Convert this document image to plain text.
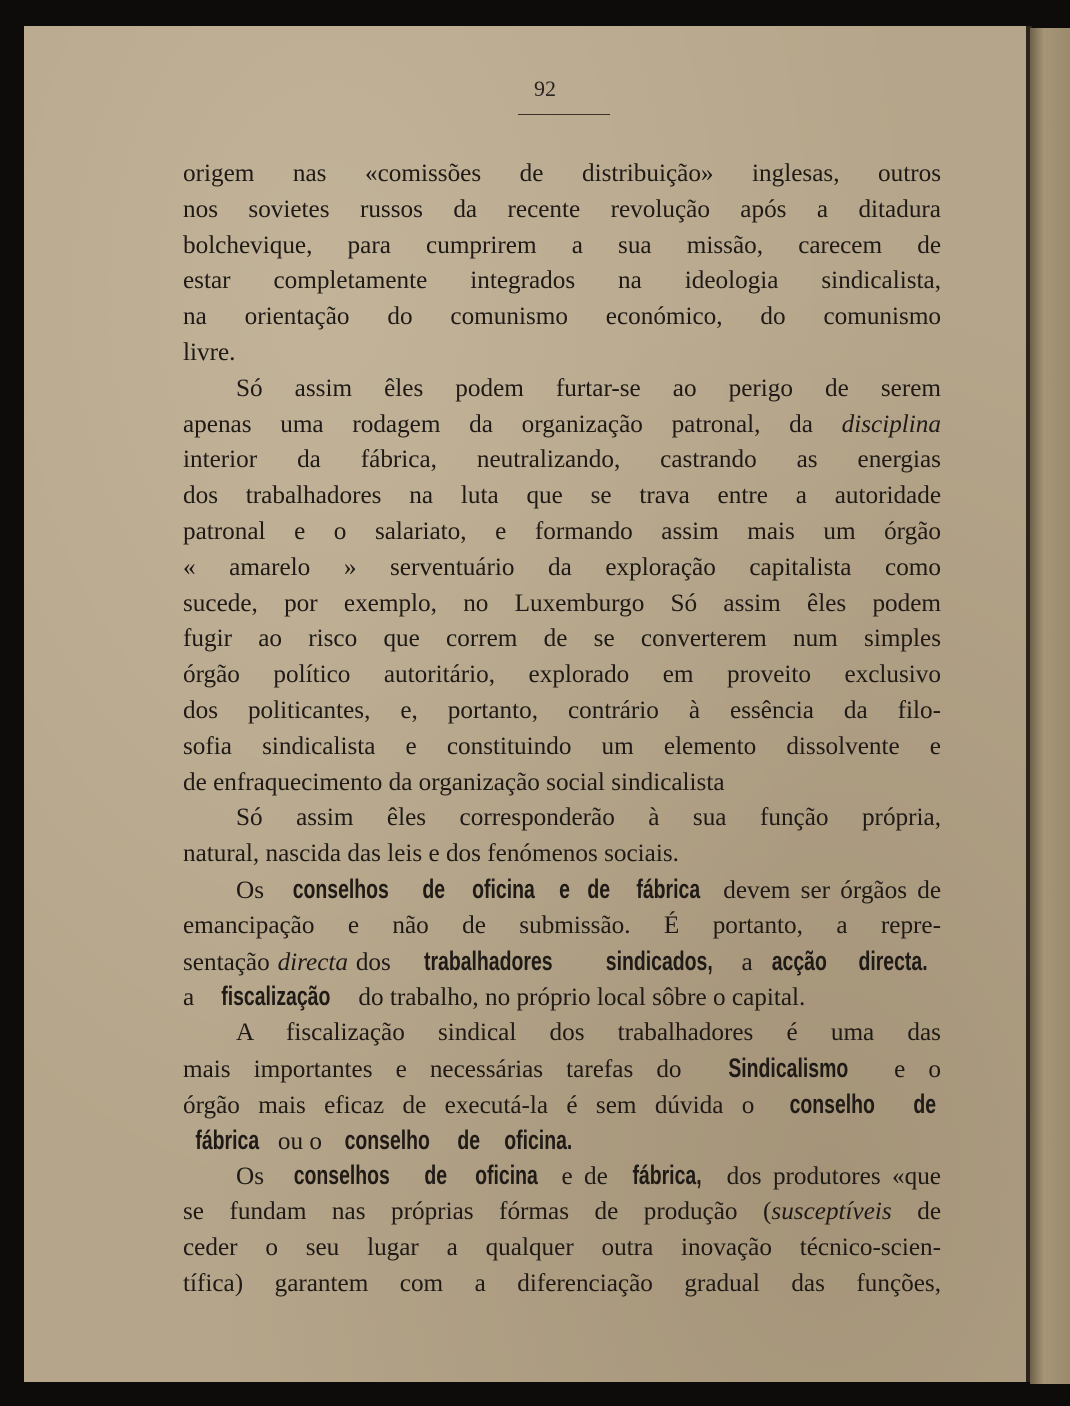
92
origem nas «comissões de distribuição» inglesas, outros
nos sovietes russos da recente revolução após a ditadura
bolchevique, para cumprirem a sua missão, carecem de
estar completamente integrados na ideologia sindicalista,
na orientação do comunismo económico, do comunismo
livre.
Só assim êles podem furtar-se ao perigo de serem
apenas uma rodagem da organização patronal, da disciplina
interior da fábrica, neutralizando, castrando as energias
dos trabalhadores na luta que se trava entre a autoridade
patronal e o salariato, e formando assim mais um órgão
« amarelo » serventuário da exploração capitalista como
sucede, por exemplo, no Luxemburgo Só assim êles podem
fugir ao risco que correm de se converterem num simples
órgão político autoritário, explorado em proveito exclusivo
dos politicantes, e, portanto, contrário à essência da filo-
sofia sindicalista e constituindo um elemento dissolvente e
de enfraquecimento da organização social sindicalista
Só assim êles corresponderão à sua função própria,
natural, nascida das leis e dos fenómenos sociais.
Os conselhos de oficina e de fábrica devem ser órgãos de
emancipação e não de submissão. É portanto, a repre-
sentação directa dos trabalhadores sindicados, a acção directa.
a fiscalização do trabalho, no próprio local sôbre o capital.
A fiscalização sindical dos trabalhadores é uma das
mais importantes e necessárias tarefas do Sindicalismo e o
órgão mais eficaz de executá-la é sem dúvida o conselho de
fábrica ou o conselho de oficina.
Os conselhos de oficina e de fábrica, dos produtores «que
se fundam nas próprias fórmas de produção (susceptíveis de
ceder o seu lugar a qualquer outra inovação técnico-scien-
tífica) garantem com a diferenciação gradual das funções,
